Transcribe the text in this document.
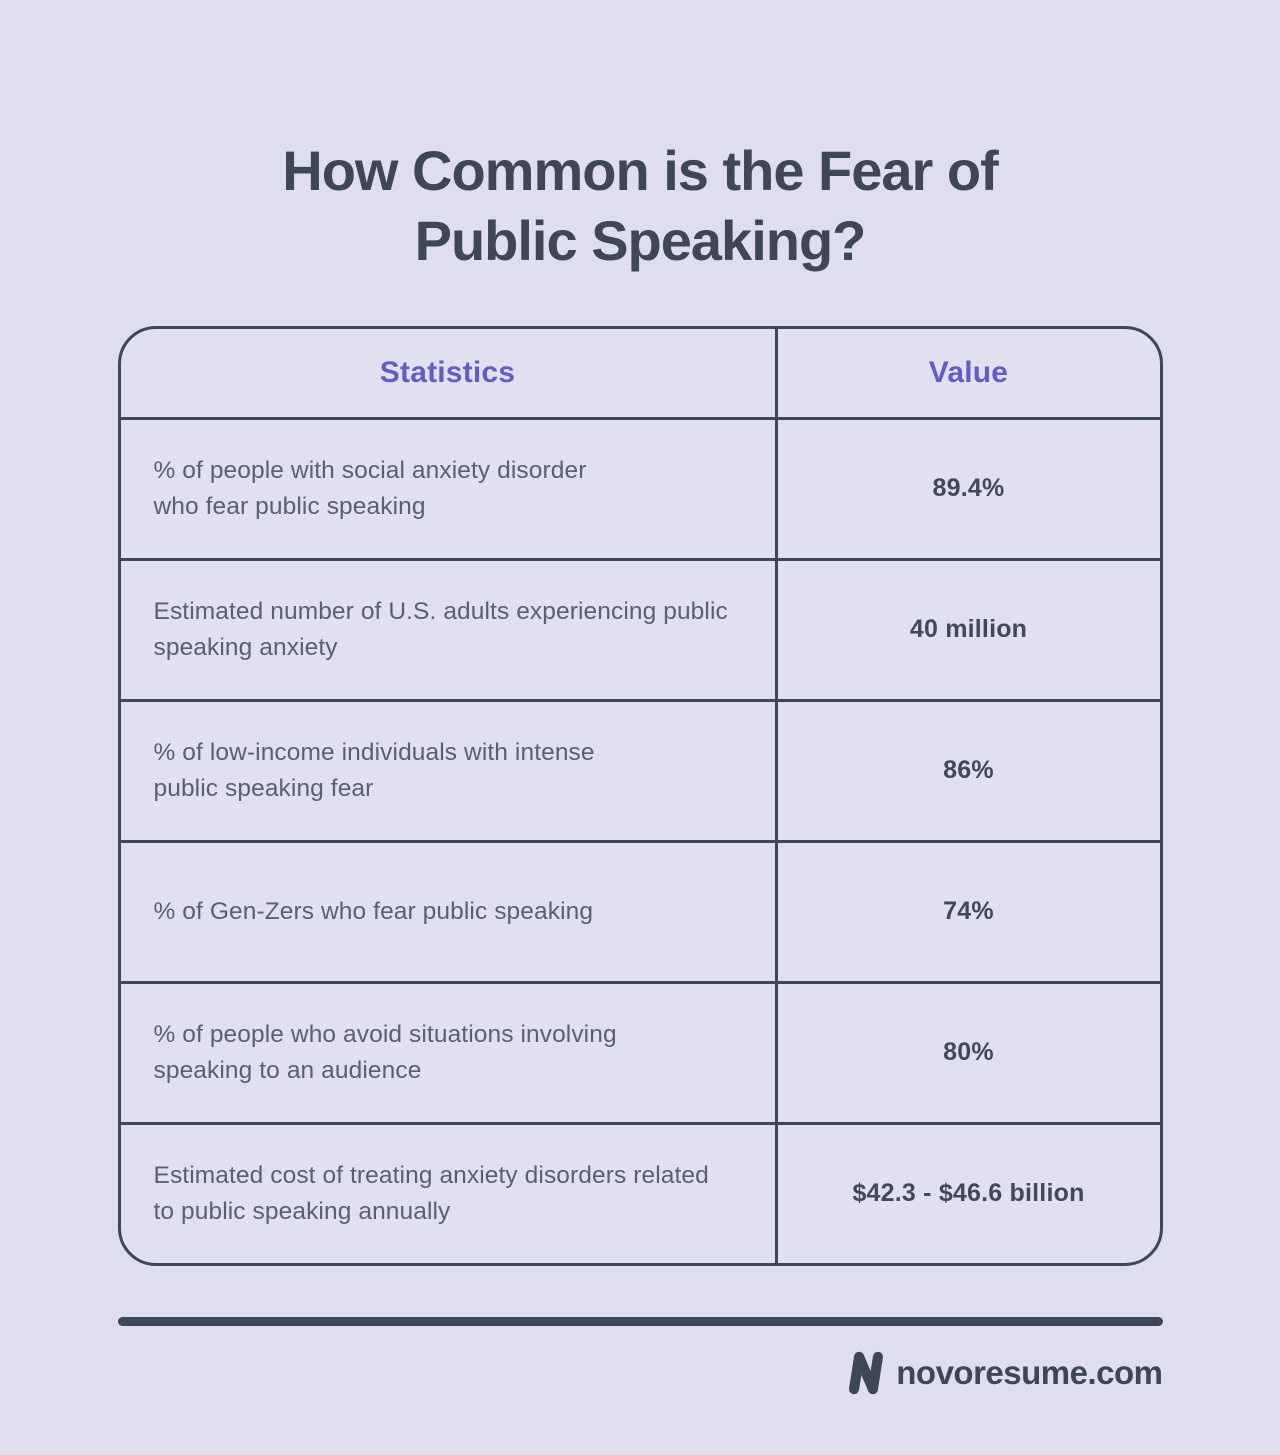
How Common is the Fear of
Public Speaking?
Statistics	Value
% of people with social anxiety disorder
who fear public speaking
89.4%
Estimated number of U.S. adults experiencing public
speaking anxiety
40 million
% of low-income individuals with intense
public speaking fear
86%
% of Gen-Zers who fear public speaking	74%
% of people who avoid situations involving
speaking to an audience
80%
Estimated cost of treating anxiety disorders related
to public speaking annually
$42.3 - $46.6 billion
novoresume.com
